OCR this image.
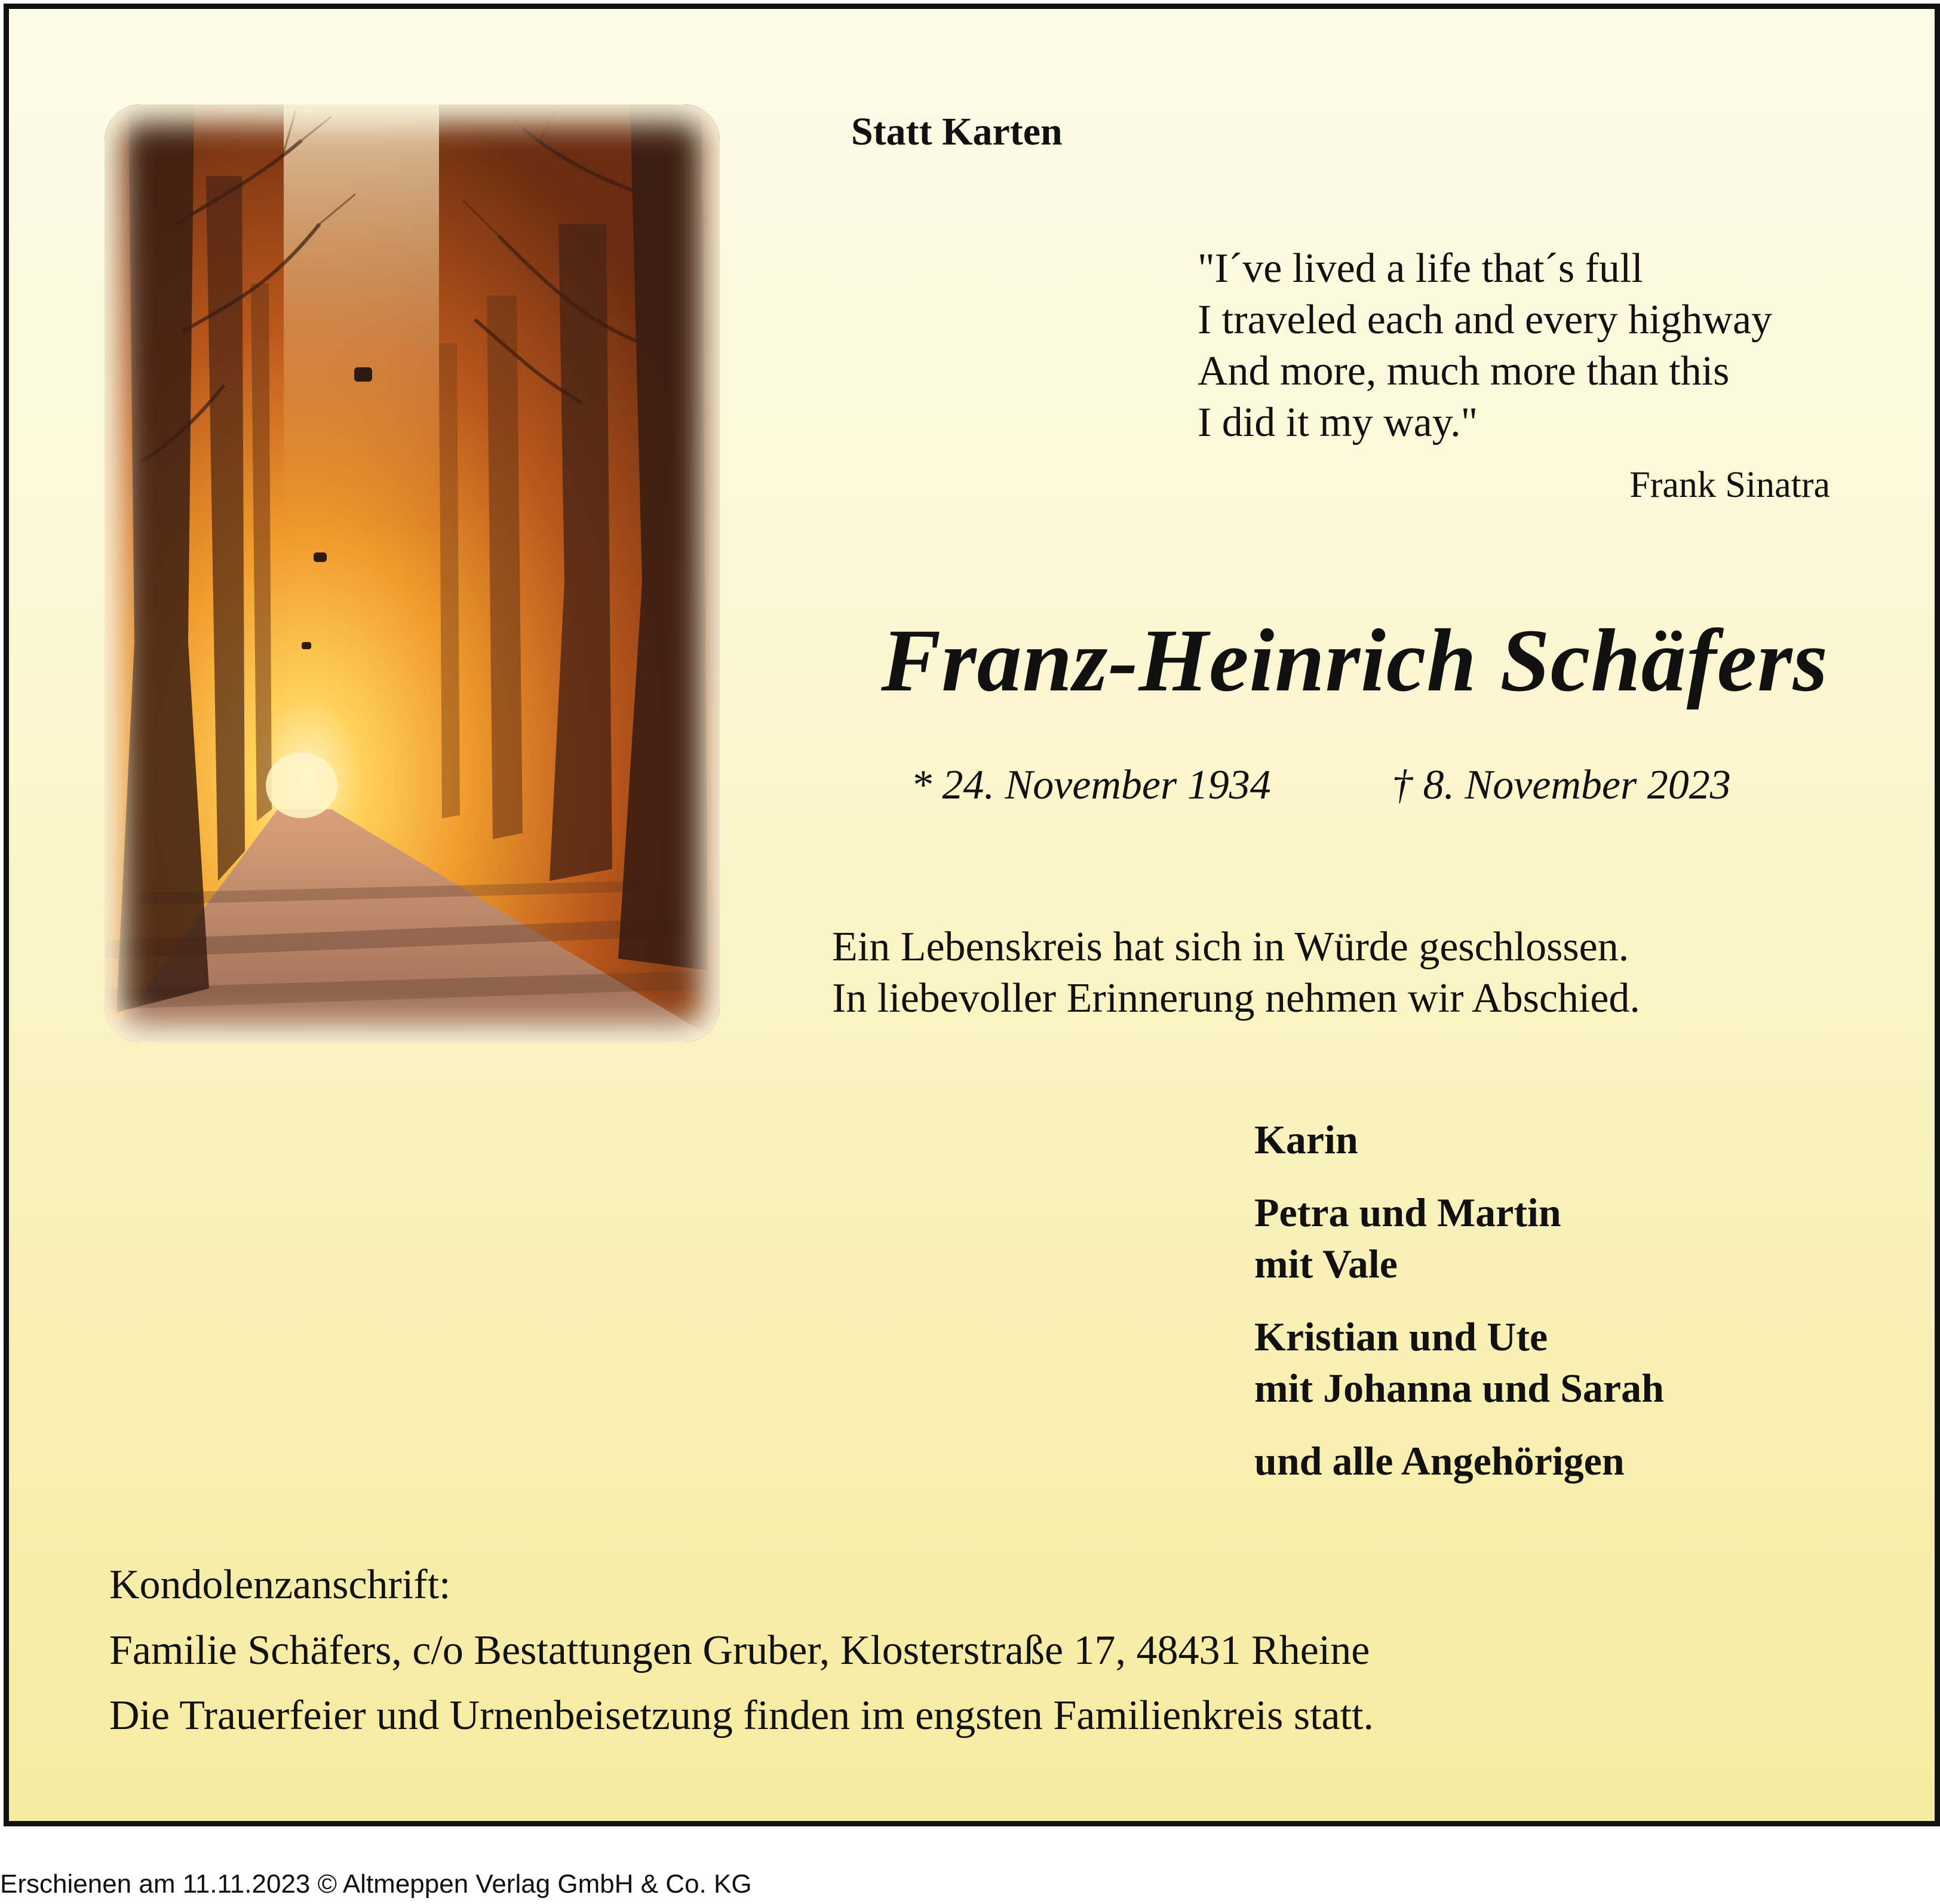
Statt Karten
"I´ve lived a life that´s full
I traveled each and every highway
And more, much more than this
I did it my way."
Frank Sinatra
Franz-Heinrich Schäfers
* 24. November 1934	† 8. November 2023
Ein Lebenskreis hat sich in Würde geschlossen.
In liebevoller Erinnerung nehmen wir Abschied.
Karin
Petra und Martin
mit Vale
Kristian und Ute
mit Johanna und Sarah
und alle Angehörigen
Kondolenzanschrift:
Familie Schäfers, c/o Bestattungen Gruber, Klosterstraße 17, 48431 Rheine
Die Trauerfeier und Urnenbeisetzung finden im engsten Familienkreis statt.
Erschienen am 11.11.2023 © Altmeppen Verlag GmbH & Co. KG
